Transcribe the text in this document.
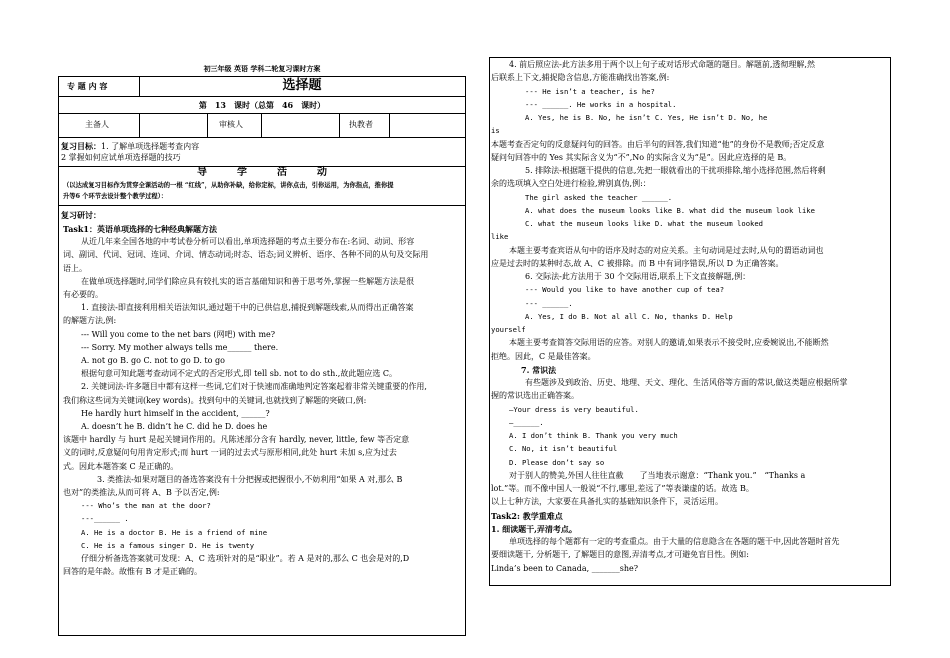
初三年级 英语 学科二轮复习课时方案
专 题 内 容	选择题
第　13　课时（总第　46　课时）
主备人	审核人	执教者
复习目标：1. 了解单项选择题考查内容
2 掌握如何应试单项选择题的技巧
导　　　学　　　活　　　动
（以达成复习目标作为贯穿全课活动的一根 “红线”，从助你补缺，给你定标，讲你点击，引你运用，为你指点，推你提
升等6 个环节去设计整个教学过程）：
复习研讨：
Task1：英语单项选择的七种经典解题方法
从近几年来全国各地的中考试卷分析可以看出,单项选择题的考点主要分布在:名词、动词、形容
词、副词、代词、冠词、连词、介词、情态动词;时态、语态;词义辨析、语序、各种不同的从句及交际用
语上。
在做单项选择题时,同学们除应具有较扎实的语言基础知识和善于思考外,掌握一些解题方法是很
有必要的。
1. 直接法-即直接利用相关语法知识,通过题干中的已供信息,捕捉到解题线索,从而得出正确答案
的解题方法,例:
--- Will you come to the net bars (网吧) with me?
--- Sorry. My mother always tells me______ there.
A. not go B. go C. not to go D. to go
根据句意可知此题考查动词不定式的否定形式,即 tell sb. not to do sth.,故此题应选 C。
2. 关键词法-许多题目中都有这样一些词,它们对于快速而准确地判定答案起着非常关键重要的作用,
我们称这些词为关键词(key words)。找到句中的关键词,也就找到了解题的突破口,例:
He hardly hurt himself in the accident, ______?
A. doesn’t he B. didn’t he C. did he D. does he
该题中 hardly 与 hurt 是起关键词作用的。凡陈述部分含有 hardly, never, little, few 等否定意
义的词时,反意疑问句用肯定形式;而 hurt 一词的过去式与原形相同,此处 hurt 未加 s,应为过去
式。因此本题答案 C 是正确的。
3. 类推法-如果对题目的备选答案没有十分把握或把握很小,不妨利用“如果 A 对,那么 B
也对”的类推法,从而可将 A、B 予以否定,例:
--- Who’s the man at the door?
---______ .
A. He is a doctor B. He is a friend of mine
C. He is a famous singer D. He is twenty
仔细分析备选答案就可发现：A、C 选项针对的是“职业”。若 A 是对的,那么 C 也会是对的,D
回答的是年龄。故惟有 B 才是正确的。
4. 前后照应法-此方法多用于两个以上句子或对话形式命题的题目。解题前,透彻理解,然
后联系上下文,捕捉隐含信息,方能准确找出答案,例:
--- He isn’t a teacher, is he?
--- ______. He works in a hospital.
A. Yes, he is B. No, he isn’t C. Yes, He isn’t D. No, he
is
本题考查否定句的反意疑问句的回答。由后半句的回答,我们知道“他”的身份不是教师;否定反意
疑问句回答中的 Yes 其实际含义为“不”,No 的实际含义为“是”。因此应选择的是 B。
5. 排除法-根据题干提供的信息,先把一眼就看出的干扰项排除,缩小选择范围,然后将剩
余的选项填入空白处进行检验,辨别真伪,例:：
The girl asked the teacher ______.
A. what does the museum looks like B. what did the museum look like
C. what the museum looks like D. what the museum looked
like
本题主要考查宾语从句中的语序及时态的对应关系。主句动词是过去时,从句的谓语动词也
应是过去时的某种时态,故 A、C 被排除。而 B 中有词序错误,所以 D 为正确答案。
6. 交际法-此方法用于 30 个交际用语,联系上下文直接解题,例：
--- Would you like to have another cup of tea?
--- ______.
A. Yes, I do B. Not al all C. No, thanks D. Help
yourself
本题主要考查简答交际用语的应答。对别人的邀请,如果表示不接受时,应委婉说出,不能断然
拒绝。因此，C 是最佳答案。
7. 常识法
有些题涉及到政治、历史、地理、天文、理化、生活风俗等方面的常识,做这类题应根据所掌
握的常识选出正确答案。
—Your dress is very beautiful.
—______.
A. I don’t think B. Thank you very much
C. No, it isn’t beautiful
D. Please don’t say so
对于别人的赞美,外国人往往直截　　了当地表示谢意：“Thank you.”　“Thanks a
lot.”等。而不像中国人一般说“不行,哪里,差远了”等表谦虚的话。故选 B。
以上七种方法，大家要在具备扎实的基础知识条件下，灵活运用。
Task2: 教学重难点
1. 细读题干,弄清考点。
单项选择的每个题都有一定的考查重点。由于大量的信息隐含在各题的题干中,因此答题时首先
要细读题干, 分析题干, 了解题目的意图,弄清考点,才可避免盲目性。例如:
Linda’s been to Canada, _______she?
